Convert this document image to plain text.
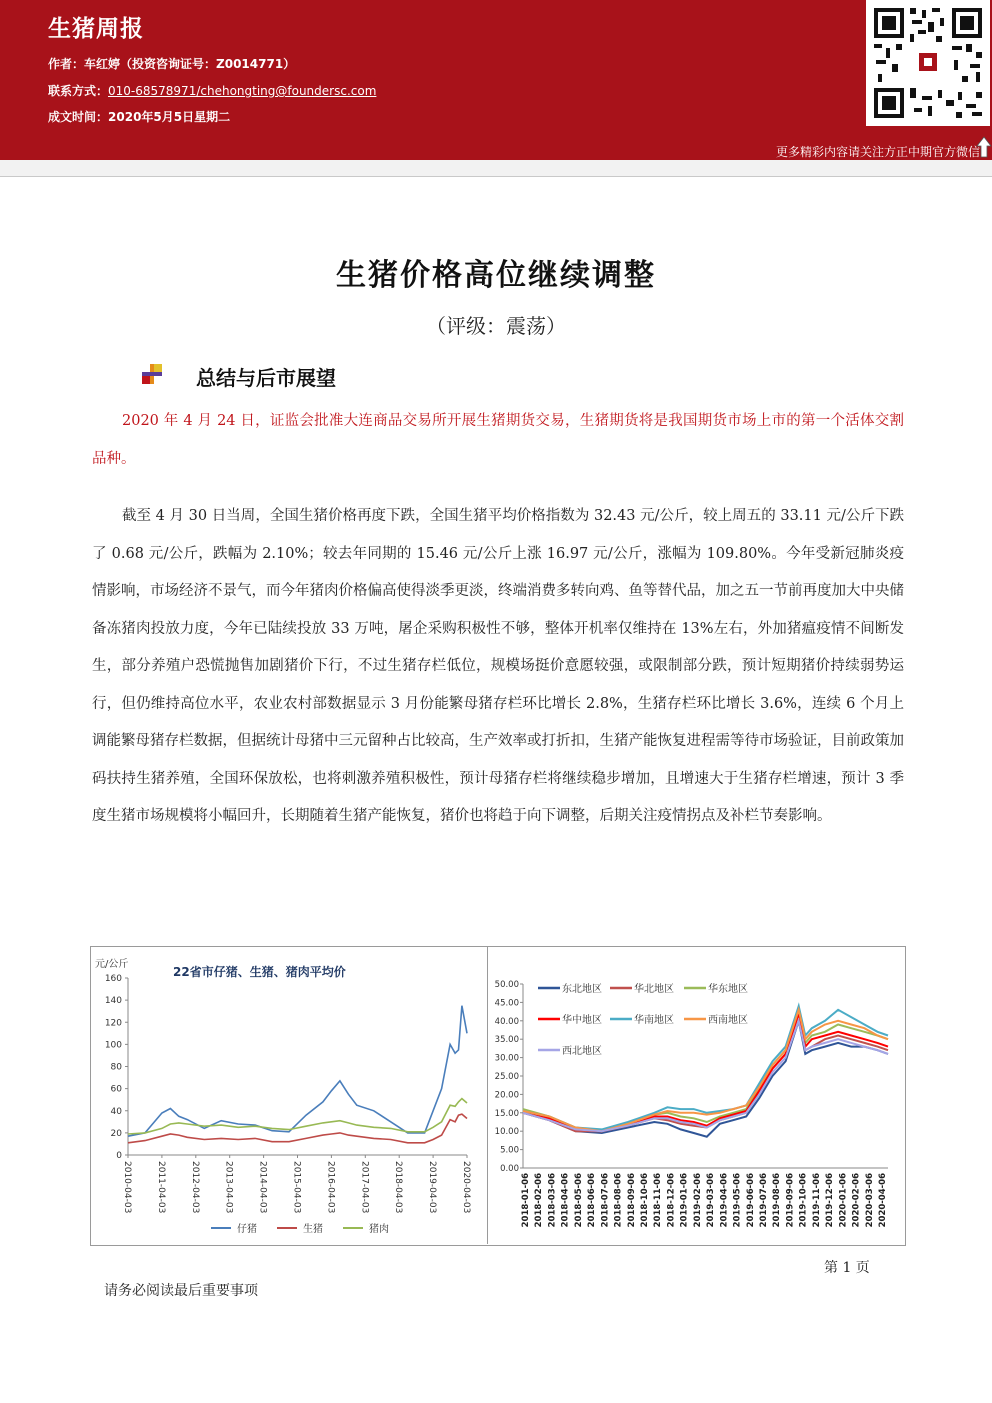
生猪周报
作者：车红婷（投资咨询证号：Z0014771）
联系方式：010-68578971/chehongting@foundersc.com
成文时间：2020年5月5日星期二
更多精彩内容请关注方正中期官方微信
生猪价格高位继续调整
（评级：震荡）
总结与后市展望
2020 年 4 月 24 日，证监会批准大连商品交易所开展生猪期货交易，生猪期货将是我国期货市场上市的第一个活体交割品种。
截至 4 月 30 日当周，全国生猪价格再度下跌，全国生猪平均价格指数为 32.43 元/公斤，较上周五的 33.11 元/公斤下跌了 0.68 元/公斤，跌幅为 2.10%；较去年同期的 15.46 元/公斤上涨 16.97 元/公斤，涨幅为 109.80%。今年受新冠肺炎疫情影响，市场经济不景气，而今年猪肉价格偏高使得淡季更淡，终端消费多转向鸡、鱼等替代品，加之五一节前再度加大中央储备冻猪肉投放力度，今年已陆续投放 33 万吨，屠企采购积极性不够，整体开机率仅维持在 13%左右，外加猪瘟疫情不间断发生，部分养殖户恐慌抛售加剧猪价下行，不过生猪存栏低位，规模场挺价意愿较强，或限制部分跌，预计短期猪价持续弱势运行，但仍维持高位水平，农业农村部数据显示 3 月份能繁母猪存栏环比增长 2.8%，生猪存栏环比增长 3.6%，连续 6 个月上调能繁母猪存栏数据，但据统计母猪中三元留种占比较高，生产效率或打折扣，生猪产能恢复进程需等待市场验证，目前政策加码扶持生猪养殖，全国环保放松，也将刺激养殖积极性，预计母猪存栏将继续稳步增加，且增速大于生猪存栏增速，预计 3 季度生猪市场规模将小幅回升，长期随着生猪产能恢复，猪价也将趋于向下调整，后期关注疫情拐点及补栏节奏影响。
元/公斤
22省市仔猪、生猪、猪肉平均价
0
20
40
60
80
100
120
140
160
2010-04-03	2011-04-03	2012-04-03	2013-04-03	2014-04-03	2015-04-03	2016-04-03	2017-04-03	2018-04-03	2019-04-03	2020-04-03
仔猪	生猪	猪肉
0.00
5.00
10.00
15.00
20.00
25.00
30.00
35.00
40.00
45.00
50.00
2018-01-06 2018-02-06 2018-03-06 2018-04-06 2018-05-06 2018-06-06 2018-07-06 2018-08-06 2018-09-06 2018-10-06 2018-11-06 2018-12-06 2019-01-06 2019-02-06 2019-03-06 2019-04-06 2019-05-06 2019-06-06 2019-07-06 2019-08-06 2019-09-06 2019-10-06 2019-11-06 2019-12-06 2020-01-06 2020-02-06 2020-03-06 2020-04-06
东北地区	华北地区	华东地区
华中地区	华南地区	西南地区
西北地区
第 1 页
请务必阅读最后重要事项
